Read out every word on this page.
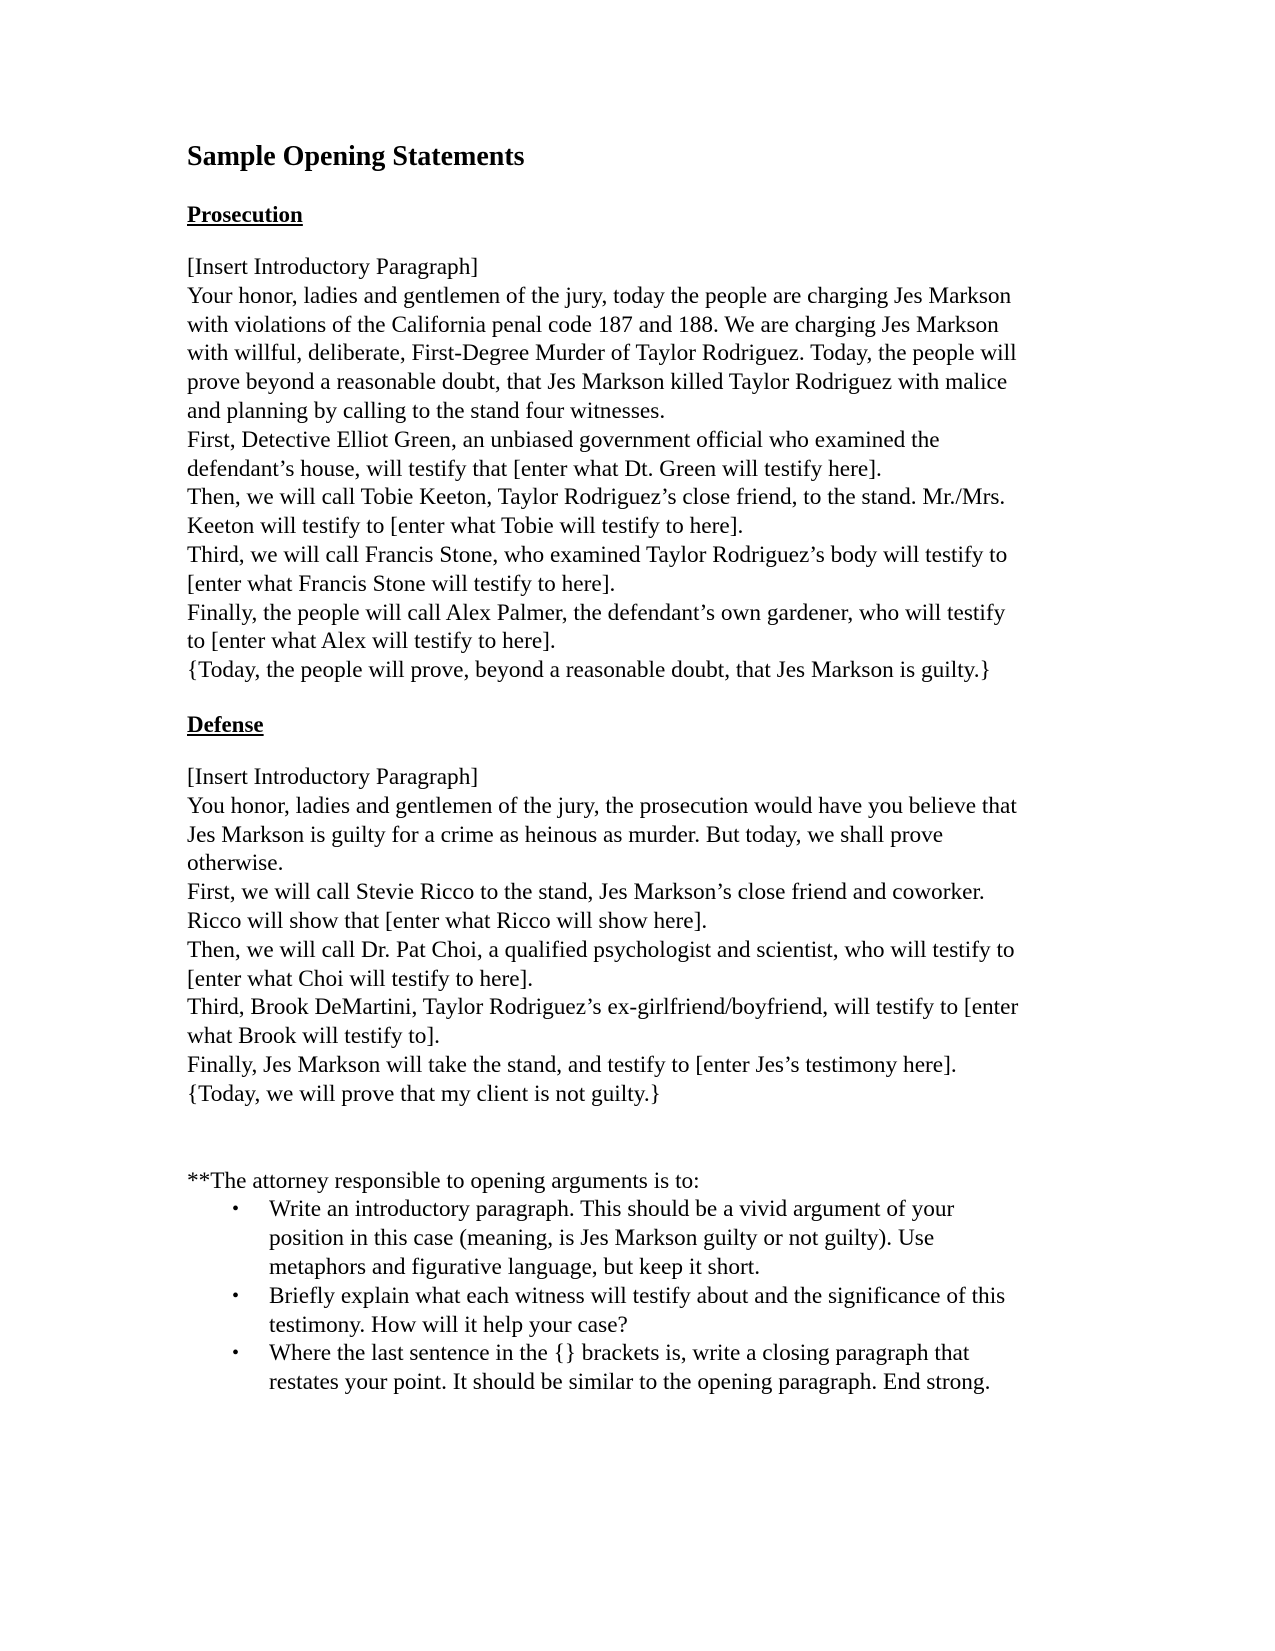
Sample Opening Statements
Prosecution
[Insert Introductory Paragraph]
Your honor, ladies and gentlemen of the jury, today the people are charging Jes Markson
with violations of the California penal code 187 and 188. We are charging Jes Markson
with willful, deliberate, First-Degree Murder of Taylor Rodriguez. Today, the people will
prove beyond a reasonable doubt, that Jes Markson killed Taylor Rodriguez with malice
and planning by calling to the stand four witnesses.
First, Detective Elliot Green, an unbiased government official who examined the
defendant’s house, will testify that [enter what Dt. Green will testify here].
Then, we will call Tobie Keeton, Taylor Rodriguez’s close friend, to the stand. Mr./Mrs.
Keeton will testify to [enter what Tobie will testify to here].
Third, we will call Francis Stone, who examined Taylor Rodriguez’s body will testify to
[enter what Francis Stone will testify to here].
Finally, the people will call Alex Palmer, the defendant’s own gardener, who will testify
to [enter what Alex will testify to here].
{Today, the people will prove, beyond a reasonable doubt, that Jes Markson is guilty.}
Defense
[Insert Introductory Paragraph]
You honor, ladies and gentlemen of the jury, the prosecution would have you believe that
Jes Markson is guilty for a crime as heinous as murder. But today, we shall prove
otherwise.
First, we will call Stevie Ricco to the stand, Jes Markson’s close friend and coworker.
Ricco will show that [enter what Ricco will show here].
Then, we will call Dr. Pat Choi, a qualified psychologist and scientist, who will testify to
[enter what Choi will testify to here].
Third, Brook DeMartini, Taylor Rodriguez’s ex-girlfriend/boyfriend, will testify to [enter
what Brook will testify to].
Finally, Jes Markson will take the stand, and testify to [enter Jes’s testimony here].
{Today, we will prove that my client is not guilty.}
**The attorney responsible to opening arguments is to:
• Write an introductory paragraph. This should be a vivid argument of your
position in this case (meaning, is Jes Markson guilty or not guilty). Use
metaphors and figurative language, but keep it short.
• Briefly explain what each witness will testify about and the significance of this
testimony. How will it help your case?
• Where the last sentence in the {} brackets is, write a closing paragraph that
restates your point. It should be similar to the opening paragraph. End strong.
